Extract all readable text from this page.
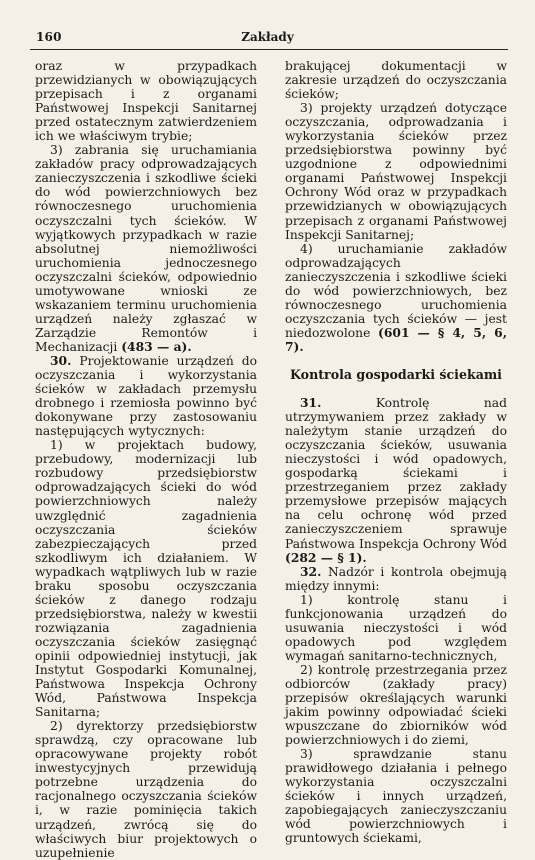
160	Zakłady

oraz w przypadkach przewidzianych w obowiązujących przepisach i z organami Państwowej Inspekcji Sanitarnej przed ostatecznym zatwierdzeniem ich we właściwym trybie;

3) zabrania się uruchamiania zakładów pracy odprowadzających zanieczyszczenia i szkodliwe ścieki do wód powierzchniowych bez równoczesnego uruchomienia oczyszczalni tych ścieków. W wyjątkowych przypadkach w razie absolutnej niemożliwości uruchomienia jednoczesnego oczyszczalni ścieków, odpowiednio umotywowane wnioski ze wskazaniem terminu uruchomienia urządzeń należy zgłaszać w Zarządzie Remontów i Mechanizacji (483 — a).

30. Projektowanie urządzeń do oczyszczania i wykorzystania ścieków w zakładach przemysłu drobnego i rzemiosła powinno być dokonywane przy zastosowaniu następujących wytycznych:

1) w projektach budowy, przebudowy, modernizacji lub rozbudowy przedsiębiorstw odprowadzających ścieki do wód powierzchniowych należy uwzględnić zagadnienia oczyszczania ścieków zabezpieczających przed szkodliwym ich działaniem. W wypadkach wątpliwych lub w razie braku sposobu oczyszczania ścieków z danego rodzaju przedsiębiorstwa, należy w kwestii rozwiązania zagadnienia oczyszczania ścieków zasięgnąć opinii odpowiedniej instytucji, jak Instytut Gospodarki Komunalnej, Państwowa Inspekcja Ochrony Wód, Państwowa Inspekcja Sanitarna;

2) dyrektorzy przedsiębiorstw sprawdzą, czy opracowane lub opracowywane projekty robót inwestycyjnych przewidują potrzebne urządzenia do racjonalnego oczyszczania ścieków i, w razie pominięcia takich urządzeń, zwrócą się do właściwych biur projektowych o uzupełnienie

brakującej dokumentacji w zakresie urządzeń do oczyszczania ścieków;

3) projekty urządzeń dotyczące oczyszczania, odprowadzania i wykorzystania ścieków przez przedsiębiorstwa powinny być uzgodnione z odpowiednimi organami Państwowej Inspekcji Ochrony Wód oraz w przypadkach przewidzianych w obowiązujących przepisach z organami Państwowej Inspekcji Sanitarnej;

4) uruchamianie zakładów odprowadzających zanieczyszczenia i szkodliwe ścieki do wód powierzchniowych, bez równoczesnego uruchomienia oczyszczania tych ścieków — jest niedozwolone (601 — § 4, 5, 6, 7).

Kontrola gospodarki ściekami

31. Kontrolę nad utrzymywaniem przez zakłady w należytym stanie urządzeń do oczyszczania ścieków, usuwania nieczystości i wód opadowych, gospodarką ściekami i przestrzeganiem przez zakłady przemysłowe przepisów mających na celu ochronę wód przed zanieczyszczeniem sprawuje Państwowa Inspekcja Ochrony Wód (282 — § 1).

32. Nadzór i kontrola obejmują między innymi:

1) kontrolę stanu i funkcjonowania urządzeń do usuwania nieczystości i wód opadowych pod względem wymagań sanitarno-technicznych,

2) kontrolę przestrzegania przez odbiorców (zakłady pracy) przepisów określających warunki jakim powinny odpowiadać ścieki wpuszczane do zbiorników wód powierzchniowych i do ziemi,

3) sprawdzanie stanu prawidłowego działania i pełnego wykorzystania oczyszczalni ścieków i innych urządzeń, zapobiegających zanieczyszczaniu wód powierzchniowych i gruntowych ściekami,
